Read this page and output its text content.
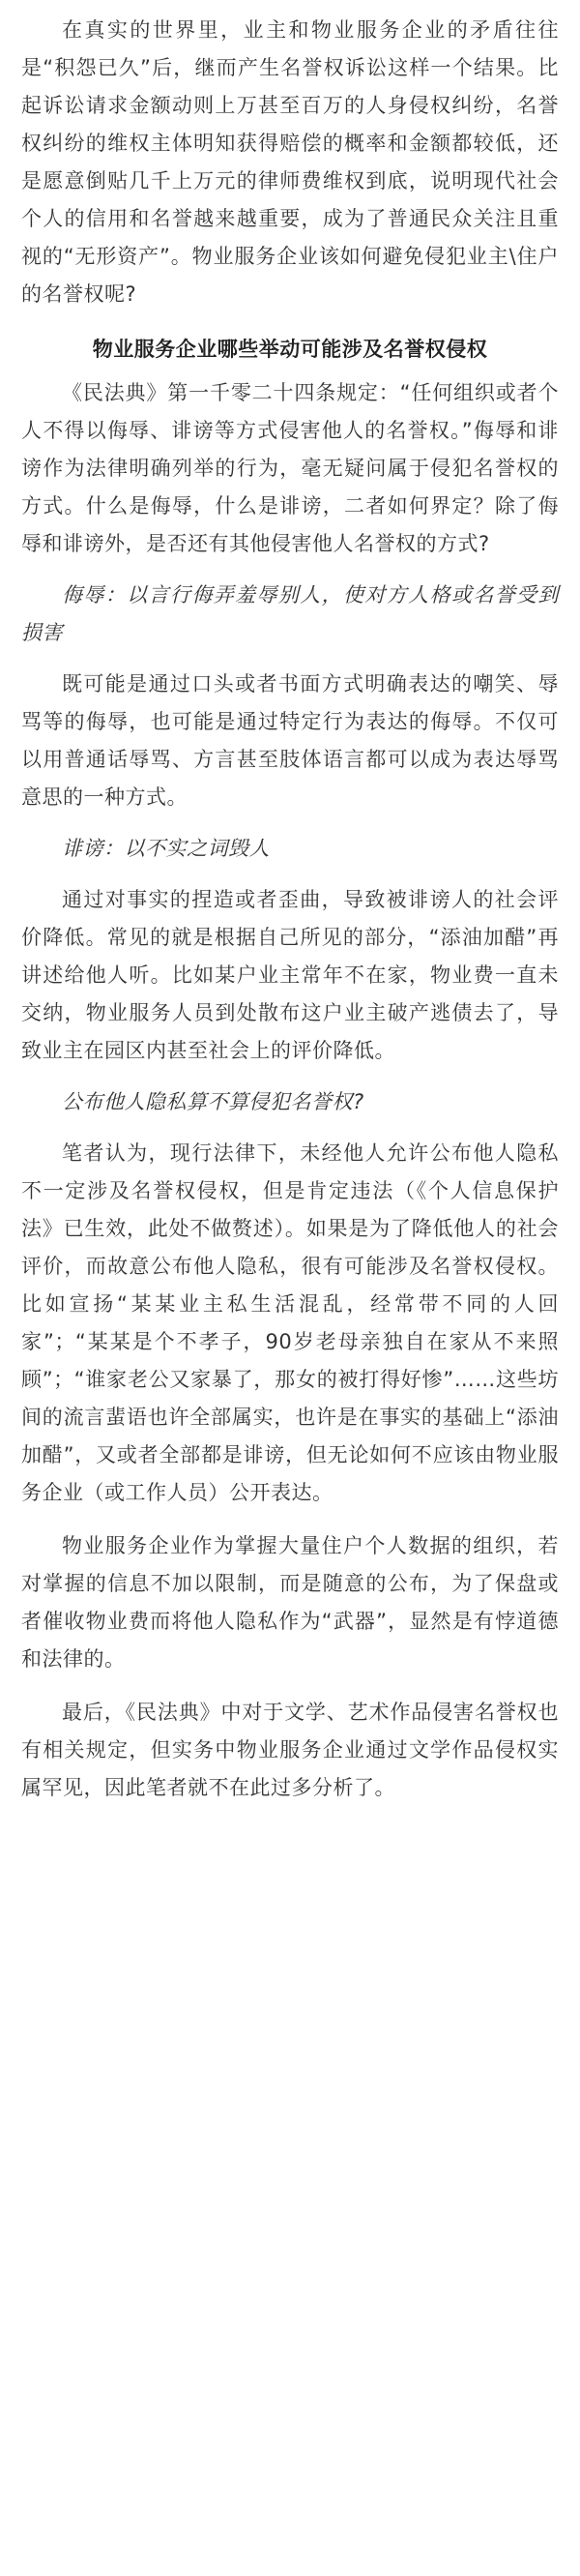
在真实的世界里，业主和物业服务企业的矛盾往往是“积怨已久”后，继而产生名誉权诉讼这样一个结果。比起诉讼请求金额动则上万甚至百万的人身侵权纠纷，名誉权纠纷的维权主体明知获得赔偿的概率和金额都较低，还是愿意倒贴几千上万元的律师费维权到底，说明现代社会个人的信用和名誉越来越重要，成为了普通民众关注且重视的“无形资产”。物业服务企业该如何避免侵犯业主\住户的名誉权呢?

物业服务企业哪些举动可能涉及名誉权侵权

《民法典》第一千零二十四条规定：“任何组织或者个人不得以侮辱、诽谤等方式侵害他人的名誉权。”侮辱和诽谤作为法律明确列举的行为，毫无疑问属于侵犯名誉权的方式。什么是侮辱，什么是诽谤，二者如何界定？除了侮辱和诽谤外，是否还有其他侵害他人名誉权的方式?

侮辱：以言行侮弄羞辱别人，使对方人格或名誉受到损害

既可能是通过口头或者书面方式明确表达的嘲笑、辱骂等的侮辱，也可能是通过特定行为表达的侮辱。不仅可以用普通话辱骂、方言甚至肢体语言都可以成为表达辱骂意思的一种方式。

诽谤：以不实之词毁人

通过对事实的捏造或者歪曲，导致被诽谤人的社会评价降低。常见的就是根据自己所见的部分，“添油加醋”再讲述给他人听。比如某户业主常年不在家，物业费一直未交纳，物业服务人员到处散布这户业主破产逃债去了，导致业主在园区内甚至社会上的评价降低。

公布他人隐私算不算侵犯名誉权?

笔者认为，现行法律下，未经他人允许公布他人隐私不一定涉及名誉权侵权，但是肯定违法（《个人信息保护法》已生效，此处不做赘述）。如果是为了降低他人的社会评价，而故意公布他人隐私，很有可能涉及名誉权侵权。比如宣扬“某某业主私生活混乱，经常带不同的人回家”；“某某是个不孝子，90岁老母亲独自在家从不来照顾”；“谁家老公又家暴了，那女的被打得好惨”……这些坊间的流言蜚语也许全部属实，也许是在事实的基础上“添油加醋”，又或者全部都是诽谤，但无论如何不应该由物业服务企业（或工作人员）公开表达。

物业服务企业作为掌握大量住户个人数据的组织，若对掌握的信息不加以限制，而是随意的公布，为了保盘或者催收物业费而将他人隐私作为“武器”，显然是有悖道德和法律的。

最后，《民法典》中对于文学、艺术作品侵害名誉权也有相关规定，但实务中物业服务企业通过文学作品侵权实属罕见，因此笔者就不在此过多分析了。
